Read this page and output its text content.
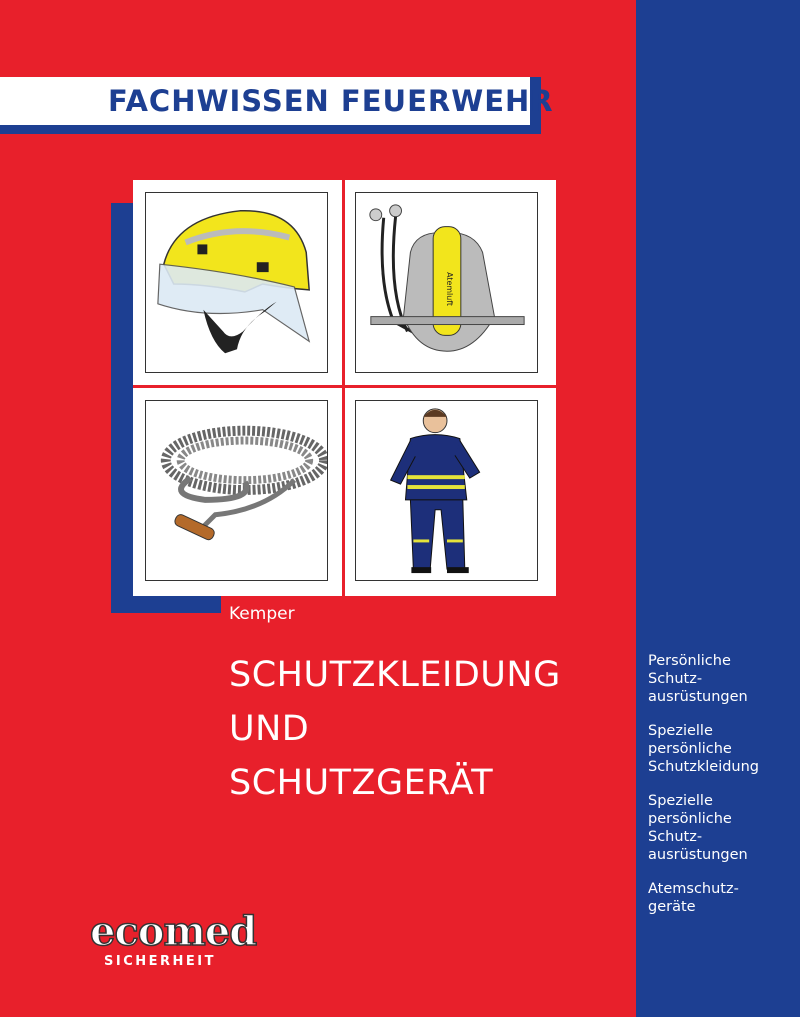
FACHWISSEN FEUERWEHR
Atemluft
Kemper
SCHUTZKLEIDUNG
UND
SCHUTZGERÄT
Persönliche
Schutz-
ausrüstungen
Spezielle
persönliche
Schutzkleidung
Spezielle
persönliche
Schutz-
ausrüstungen
Atemschutz-
geräte
ecomed
SICHERHEIT
